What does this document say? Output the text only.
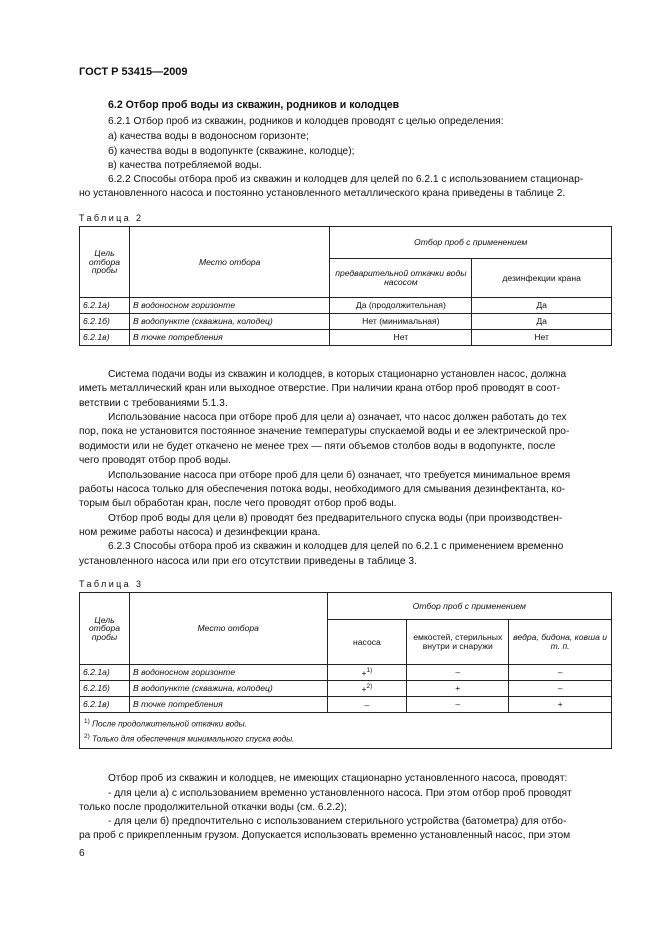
ГОСТ Р 53415—2009
6.2 Отбор проб воды из скважин, родников и колодцев
6.2.1 Отбор проб из скважин, родников и колодцев проводят с целью определения:
а) качества воды в водоносном горизонте;
б) качества воды в водопункте (скважине, колодце);
в) качества потребляемой воды.
6.2.2 Способы отбора проб из скважин и колодцев для целей по 6.2.1 с использованием стационар-
но установленного насоса и постоянно установленного металлического крана приведены в таблице 2.
Таблица 2
Цель отбора пробы	Место отбора	Отбор проб с применением	
		предварительной откачки воды насосом	дезинфекции крана
6.2.1а)	В водоносном горизонте	Да (продолжительная)	Да
6.2.1б)	В водопункте (скважина, колодец)	Нет (минимальная)	Да
6.2.1в)	В точке потребления	Нет	Нет
Система подачи воды из скважин и колодцев, в которых стационарно установлен насос, должна
иметь металлический кран или выходное отверстие. При наличии крана отбор проб проводят в соот-
ветствии с требованиями 5.1.3.
Использование насоса при отборе проб для цели а) означает, что насос должен работать до тех
пор, пока не установится постоянное значение температуры спускаемой воды и ее электрической про-
водимости или не будет откачено не менее трех — пяти объемов столбов воды в водопункте, после
чего проводят отбор проб воды.
Использование насоса при отборе проб для цели б) означает, что требуется минимальное время
работы насоса только для обеспечения потока воды, необходимого для смывания дезинфектанта, ко-
торым был обработан кран, после чего проводят отбор проб воды.
Отбор проб воды для цели в) проводят без предварительного спуска воды (при производствен-
ном режиме работы насоса) и дезинфекции крана.
6.2.3 Способы отбора проб из скважин и колодцев для целей по 6.2.1 с применением временно
установленного насоса или при его отсутствии приведены в таблице 3.
Таблица 3
Цель отбора пробы	Место отбора	Отбор проб с применением		
		насоса	емкостей, стерильных внутри и снаружи	ведра, бидона, ковша и т. п.
6.2.1а)	В водоносном горизонте	+$^{1)}$	–	–
6.2.1б)	В водопункте (скважина, колодец)	+$^{2)}$	+	–
6.2.1в)	В точке потребления	–	–	+

$^{1)}$ После продолжительной откачки воды.
$^{2)}$ Только для обеспечения минимального спуска воды.				
Отбор проб из скважин и колодцев, не имеющих стационарно установленного насоса, проводят:
- для цели а) с использованием временно установленного насоса. При этом отбор проб проводят
только после продолжительной откачки воды (см. 6.2.2);
- для цели б) предпочтительно с использованием стерильного устройства (батометра) для отбо-
ра проб с прикрепленным грузом. Допускается использовать временно установленный насос, при этом
6
